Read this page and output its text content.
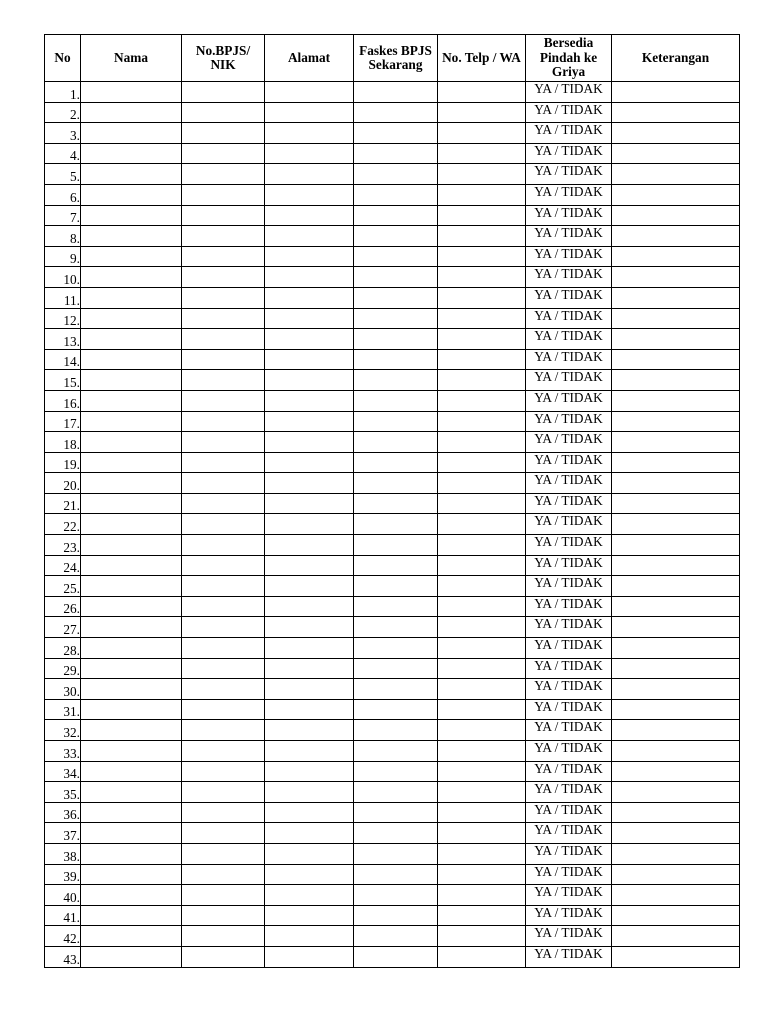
No	Nama	No.BPJS/ NIK	Alamat	Faskes BPJS Sekarang	No. Telp / WA	Bersedia Pindah ke Griya	Keterangan
1.						YA / TIDAK	
2.						YA / TIDAK	
3.						YA / TIDAK	
4.						YA / TIDAK	
5.						YA / TIDAK	
6.						YA / TIDAK	
7.						YA / TIDAK	
8.						YA / TIDAK	
9.						YA / TIDAK	
10.						YA / TIDAK	
11.						YA / TIDAK	
12.						YA / TIDAK	
13.						YA / TIDAK	
14.						YA / TIDAK	
15.						YA / TIDAK	
16.						YA / TIDAK	
17.						YA / TIDAK	
18.						YA / TIDAK	
19.						YA / TIDAK	
20.						YA / TIDAK	
21.						YA / TIDAK	
22.						YA / TIDAK	
23.						YA / TIDAK	
24.						YA / TIDAK	
25.						YA / TIDAK	
26.						YA / TIDAK	
27.						YA / TIDAK	
28.						YA / TIDAK	
29.						YA / TIDAK	
30.						YA / TIDAK	
31.						YA / TIDAK	
32.						YA / TIDAK	
33.						YA / TIDAK	
34.						YA / TIDAK	
35.						YA / TIDAK	
36.						YA / TIDAK	
37.						YA / TIDAK	
38.						YA / TIDAK	
39.						YA / TIDAK	
40.						YA / TIDAK	
41.						YA / TIDAK	
42.						YA / TIDAK	
43.						YA / TIDAK	
